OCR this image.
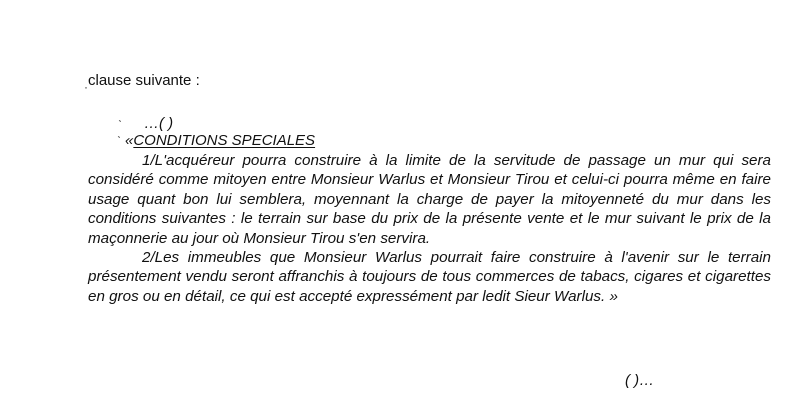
clause suivante :
·
ˋ
ˋ
…( )
«CONDITIONS SPECIALES

1/L'acquéreur pourra construire à la limite de la servitude de passage un mur qui sera considéré comme mitoyen entre Monsieur Warlus et Monsieur Tirou et celui-ci pourra même en faire usage quant bon lui semblera, moyennant la charge de payer la mitoyenneté du mur dans les conditions suivantes : le terrain sur base du prix de la présente vente et le mur suivant le prix de la maçonnerie au jour où Monsieur Tirou s'en servira.

2/Les immeubles que Monsieur Warlus pourrait faire construire à l'avenir sur le terrain présentement vendu seront affranchis à toujours de tous commerces de tabacs, cigares et cigarettes en gros ou en détail, ce qui est accepté expressément par ledit Sieur Warlus. »

( )…
